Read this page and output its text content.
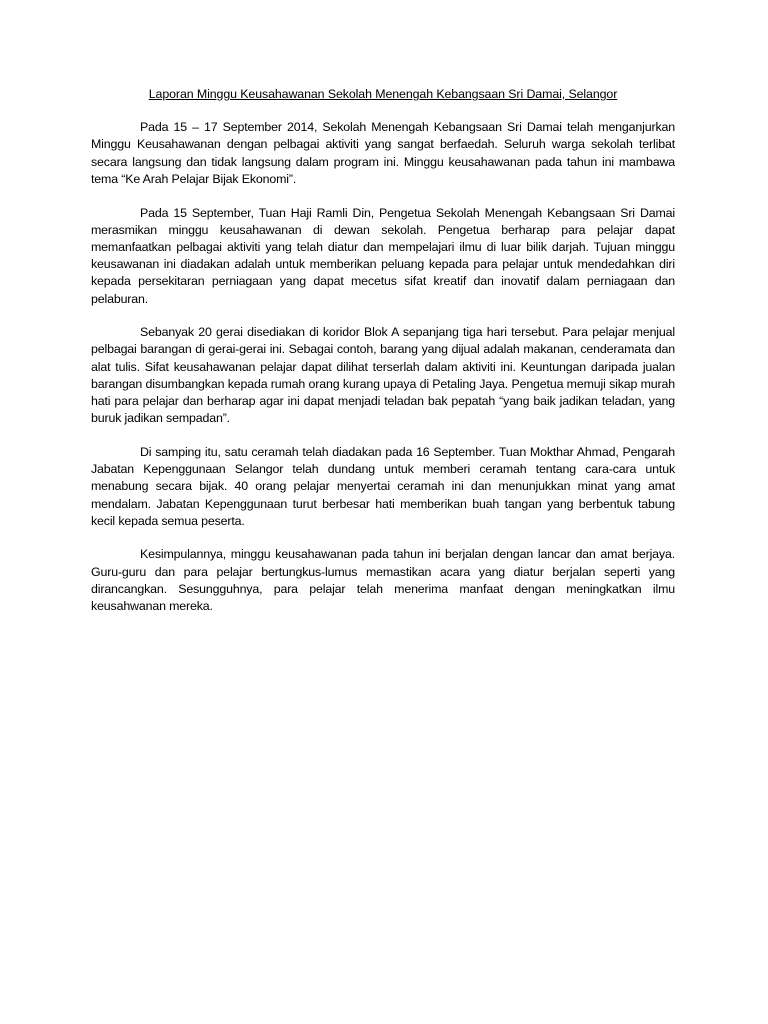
Laporan Minggu Keusahawanan Sekolah Menengah Kebangsaan Sri Damai, Selangor

Pada 15 – 17 September 2014, Sekolah Menengah Kebangsaan Sri Damai telah menganjurkan Minggu Keusahawanan dengan pelbagai aktiviti yang sangat berfaedah. Seluruh warga sekolah terlibat secara langsung dan tidak langsung dalam program ini. Minggu keusahawanan pada tahun ini mambawa tema “Ke Arah Pelajar Bijak Ekonomi”.

Pada 15 September, Tuan Haji Ramli Din, Pengetua Sekolah Menengah Kebangsaan Sri Damai merasmikan minggu keusahawanan di dewan sekolah. Pengetua berharap para pelajar dapat memanfaatkan pelbagai aktiviti yang telah diatur dan mempelajari ilmu di luar bilik darjah. Tujuan minggu keusawanan ini diadakan adalah untuk memberikan peluang kepada para pelajar untuk mendedahkan diri kepada persekitaran perniagaan yang dapat mecetus sifat kreatif dan inovatif dalam perniagaan dan pelaburan.

Sebanyak 20 gerai disediakan di koridor Blok A sepanjang tiga hari tersebut. Para pelajar menjual pelbagai barangan di gerai-gerai ini. Sebagai contoh, barang yang dijual adalah makanan, cenderamata dan alat tulis. Sifat keusahawanan pelajar dapat dilihat terserlah dalam aktiviti ini. Keuntungan daripada jualan barangan disumbangkan kepada rumah orang kurang upaya di Petaling Jaya. Pengetua memuji sikap murah hati para pelajar dan berharap agar ini dapat menjadi teladan bak pepatah “yang baik jadikan teladan, yang buruk jadikan sempadan”.

Di samping itu, satu ceramah telah diadakan pada 16 September. Tuan Mokthar Ahmad, Pengarah Jabatan Kepenggunaan Selangor telah dundang untuk memberi ceramah tentang cara-cara untuk menabung secara bijak. 40 orang pelajar menyertai ceramah ini dan menunjukkan minat yang amat mendalam. Jabatan Kepenggunaan turut berbesar hati memberikan buah tangan yang berbentuk tabung kecil kepada semua peserta.

Kesimpulannya, minggu keusahawanan pada tahun ini berjalan dengan lancar dan amat berjaya. Guru-guru dan para pelajar bertungkus-lumus memastikan acara yang diatur berjalan seperti yang dirancangkan. Sesungguhnya, para pelajar telah menerima manfaat dengan meningkatkan ilmu keusahwanan mereka.
